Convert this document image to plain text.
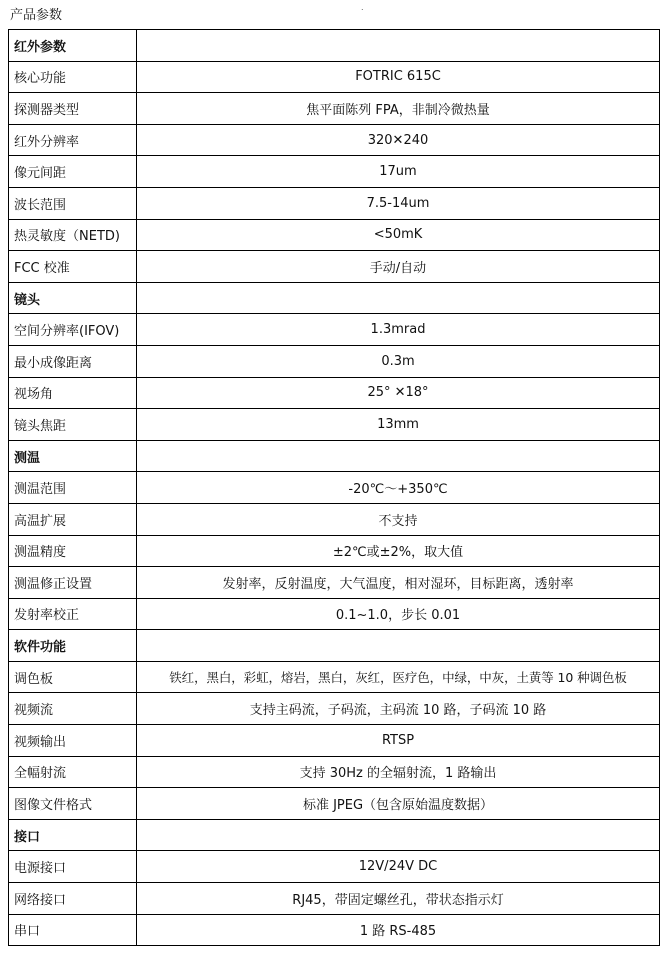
产品参数
.
红外参数	
核心功能	FOTRIC 615C
探测器类型	焦平面陈列 FPA，非制冷微热量
红外分辨率	320✕240
像元间距	17um
波长范围	7.5-14um
热灵敏度（NETD)	<50mK
FCC 校准	手动/自动
镜头	
空间分辨率(IFOV)	1.3mrad
最小成像距离	0.3m
视场角	25° ✕18°
镜头焦距	13mm
测温	
测温范围	-20℃～+350℃
高温扩展	不支持
测温精度	±2℃或±2%，取大值
测温修正设置	发射率，反射温度，大气温度，相对湿环，目标距离，透射率
发射率校正	0.1~1.0，步长 0.01
软件功能	
调色板	铁红，黑白，彩虹，熔岩，黑白，灰红，医疗色，中绿，中灰，土黄等 10 种调色板
视频流	支持主码流，子码流，主码流 10 路，子码流 10 路
视频输出	RTSP
全幅射流	支持 30Hz 的全辐射流，1 路输出
图像文件格式	标准 JPEG（包含原始温度数据）
接口	
电源接口	12V/24V DC
网络接口	RJ45，带固定螺丝孔，带状态指示灯
串口	1 路 RS-485
